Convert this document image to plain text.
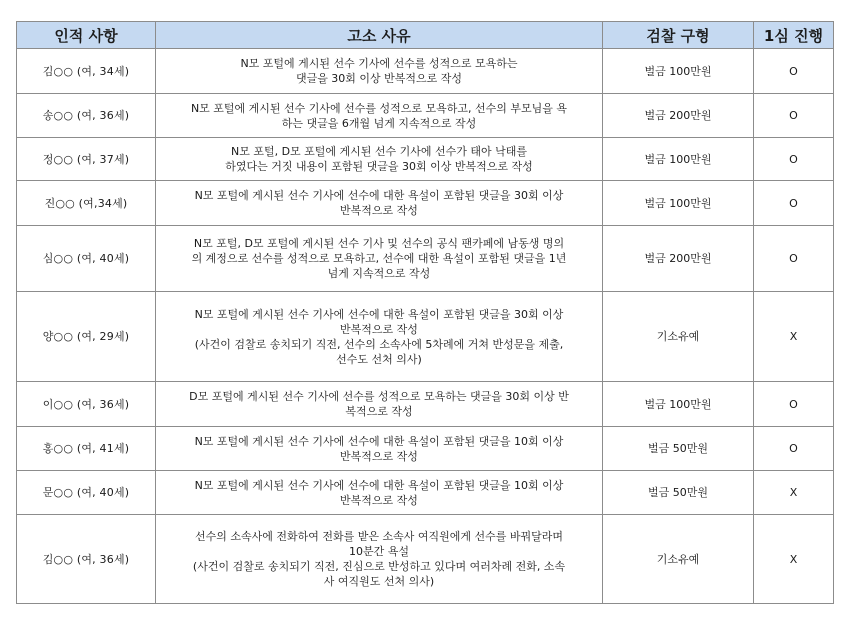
인적 사항	고소 사유	검찰 구형	1심 진행
김○○ (여, 34세)	N모 포털에 게시된 선수 기사에 선수를 성적으로 모욕하는
댓글을 30회 이상 반복적으로 작성	벌금 100만원	O
송○○ (여, 36세)	N모 포털에 게시된 선수 기사에 선수를 성적으로 모욕하고, 선수의 부모님을 욕
하는 댓글을 6개월 넘게 지속적으로 작성	벌금 200만원	O
정○○ (여, 37세)	N모 포털, D모 포털에 게시된 선수 기사에 선수가 태아 낙태를
하였다는 거짓 내용이 포함된 댓글을 30회 이상 반복적으로 작성	벌금 100만원	O
진○○ (여,34세)	N모 포털에 게시된 선수 기사에 선수에 대한 욕설이 포함된 댓글을 30회 이상
반복적으로 작성	벌금 100만원	O
심○○ (여, 40세)	N모 포털, D모 포털에 게시된 선수 기사 및 선수의 공식 팬카페에 남동생 명의
의 계정으로 선수를 성적으로 모욕하고, 선수에 대한 욕설이 포함된 댓글을 1년
넘게 지속적으로 작성	벌금 200만원	O
양○○ (여, 29세)	N모 포털에 게시된 선수 기사에 선수에 대한 욕설이 포함된 댓글을 30회 이상
반복적으로 작성
(사건이 검찰로 송치되기 직전, 선수의 소속사에 5차례에 거쳐 반성문을 제출,
선수도 선처 의사)	기소유예	X
이○○ (여, 36세)	D모 포털에 게시된 선수 기사에 선수를 성적으로 모욕하는 댓글을 30회 이상 반
복적으로 작성	벌금 100만원	O
홍○○ (여, 41세)	N모 포털에 게시된 선수 기사에 선수에 대한 욕설이 포함된 댓글을 10회 이상
반복적으로 작성	벌금 50만원	O
문○○ (여, 40세)	N모 포털에 게시된 선수 기사에 선수에 대한 욕설이 포함된 댓글을 10회 이상
반복적으로 작성	벌금 50만원	X
김○○ (여, 36세)	선수의 소속사에 전화하여 전화를 받은 소속사 여직원에게 선수를 바꿔달라며
10분간 욕설
(사건이 검찰로 송치되기 직전, 진심으로 반성하고 있다며 여러차례 전화, 소속
사 여직원도 선처 의사)	기소유예	X
